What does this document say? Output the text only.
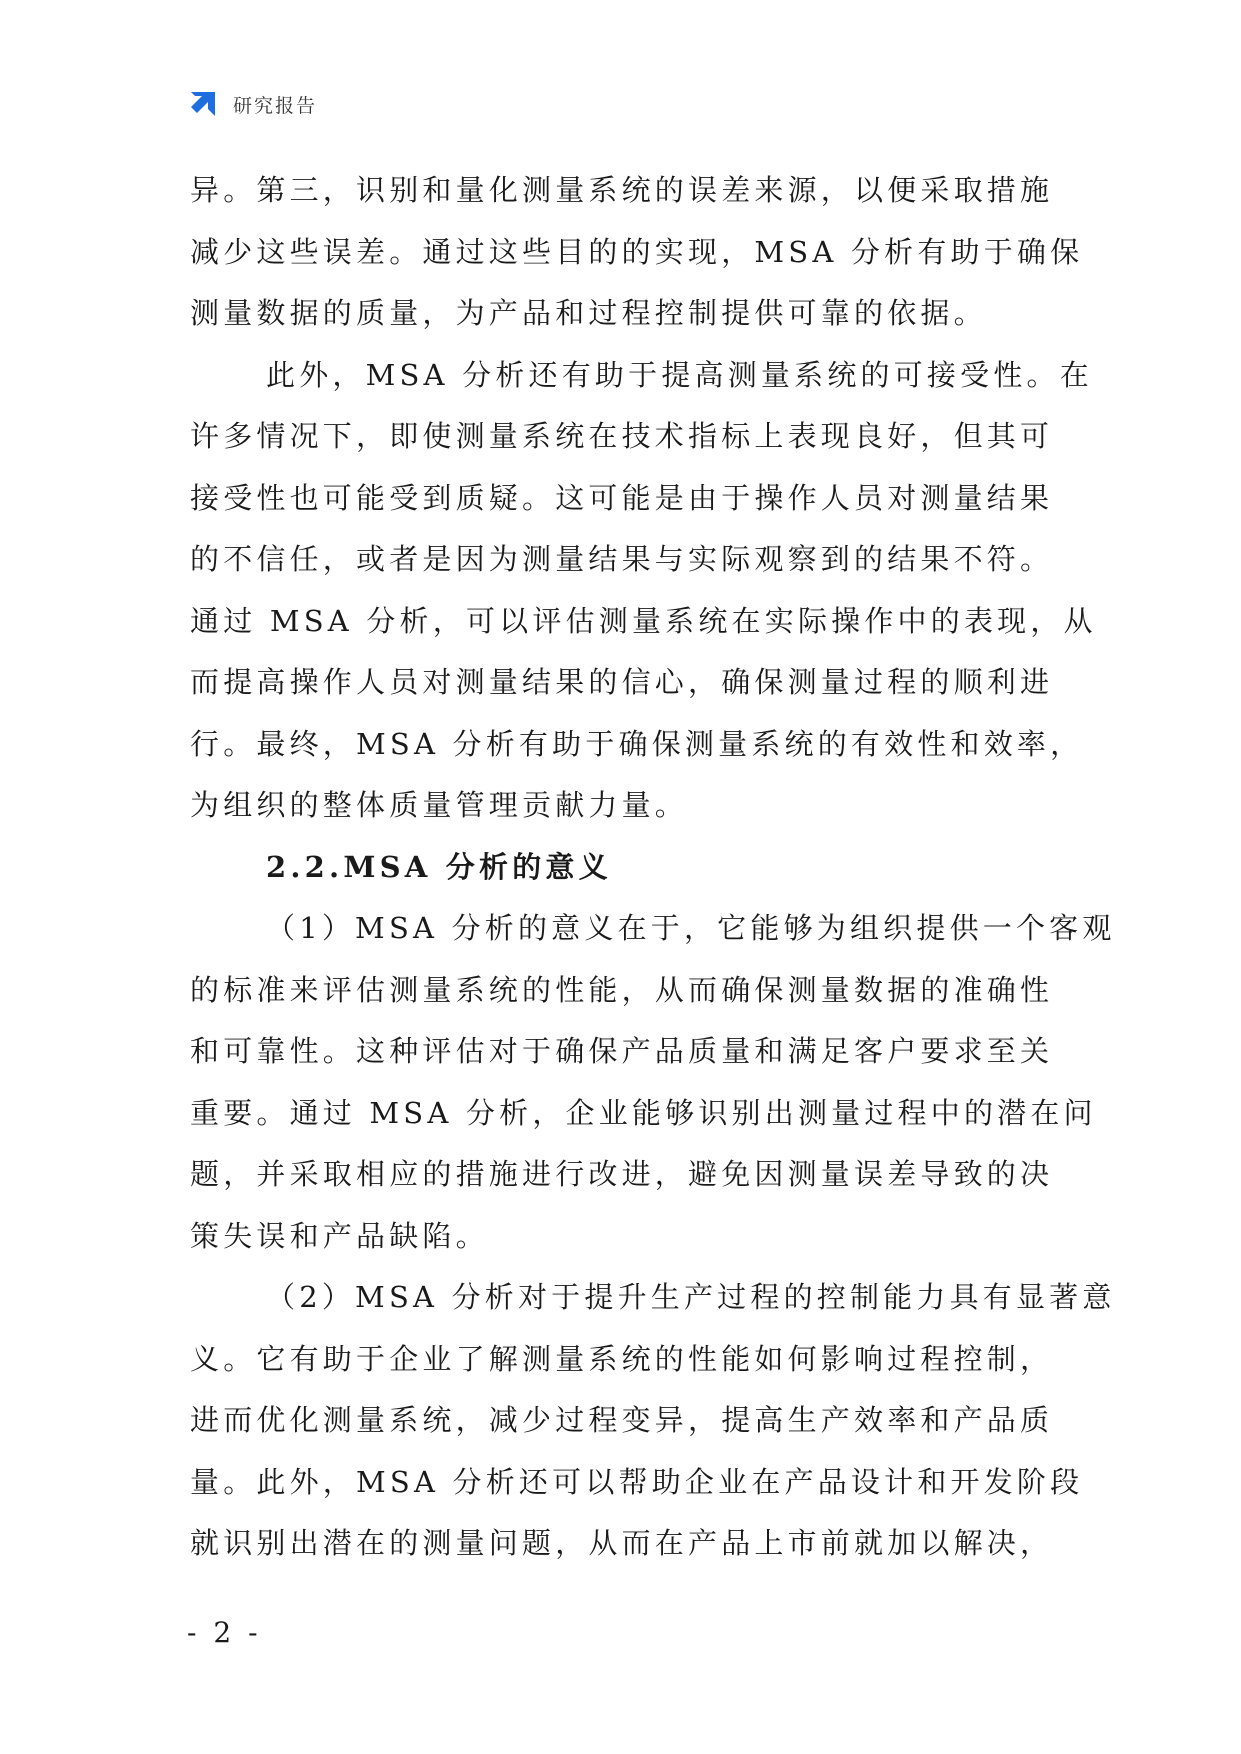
研究报告

异。第三，识别和量化测量系统的误差来源，以便采取措施

减少这些误差。通过这些目的的实现，MSA 分析有助于确保

测量数据的质量，为产品和过程控制提供可靠的依据。

此外，MSA 分析还有助于提高测量系统的可接受性。在

许多情况下，即使测量系统在技术指标上表现良好，但其可

接受性也可能受到质疑。这可能是由于操作人员对测量结果

的不信任，或者是因为测量结果与实际观察到的结果不符。

通过 MSA 分析，可以评估测量系统在实际操作中的表现，从

而提高操作人员对测量结果的信心，确保测量过程的顺利进

行。最终，MSA 分析有助于确保测量系统的有效性和效率，

为组织的整体质量管理贡献力量。

2.2.MSA 分析的意义

（1）MSA 分析的意义在于，它能够为组织提供一个客观

的标准来评估测量系统的性能，从而确保测量数据的准确性

和可靠性。这种评估对于确保产品质量和满足客户要求至关

重要。通过 MSA 分析，企业能够识别出测量过程中的潜在问

题，并采取相应的措施进行改进，避免因测量误差导致的决

策失误和产品缺陷。

（2）MSA 分析对于提升生产过程的控制能力具有显著意

义。它有助于企业了解测量系统的性能如何影响过程控制，

进而优化测量系统，减少过程变异，提高生产效率和产品质

量。此外，MSA 分析还可以帮助企业在产品设计和开发阶段

就识别出潜在的测量问题，从而在产品上市前就加以解决，

- 2 -
